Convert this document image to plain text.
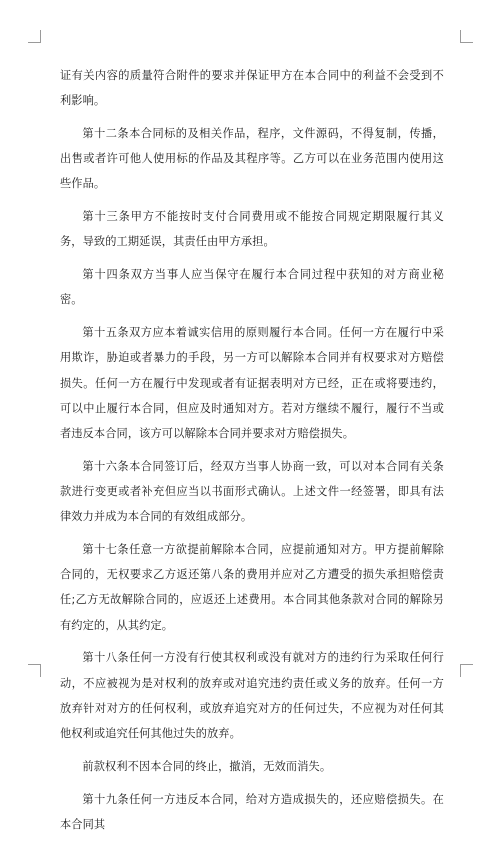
证有关内容的质量符合附件的要求并保证甲方在本合同中的利益不会受到不利影响。

第十二条本合同标的及相关作品，程序，文件源码，不得复制，传播，出售或者许可他人使用标的作品及其程序等。乙方可以在业务范围内使用这些作品。

第十三条甲方不能按时支付合同费用或不能按合同规定期限履行其义务，导致的工期延误，其责任由甲方承担。

第十四条双方当事人应当保守在履行本合同过程中获知的对方商业秘密。

第十五条双方应本着诚实信用的原则履行本合同。任何一方在履行中采用欺诈，胁迫或者暴力的手段，另一方可以解除本合同并有权要求对方赔偿损失。任何一方在履行中发现或者有证据表明对方已经，正在或将要违约，可以中止履行本合同，但应及时通知对方。若对方继续不履行，履行不当或者违反本合同，该方可以解除本合同并要求对方赔偿损失。

第十六条本合同签订后，经双方当事人协商一致，可以对本合同有关条款进行变更或者补充但应当以书面形式确认。上述文件一经签署，即具有法律效力并成为本合同的有效组成部分。

第十七条任意一方欲提前解除本合同，应提前通知对方。甲方提前解除合同的，无权要求乙方返还第八条的费用并应对乙方遭受的损失承担赔偿责任;乙方无故解除合同的，应返还上述费用。本合同其他条款对合同的解除另有约定的，从其约定。

第十八条任何一方没有行使其权利或没有就对方的违约行为采取任何行动，不应被视为是对权利的放弃或对追究违约责任或义务的放弃。任何一方放弃针对对方的任何权利，或放弃追究对方的任何过失，不应视为对任何其他权利或追究任何其他过失的放弃。

前款权利不因本合同的终止，撤消，无效而消失。

第十九条任何一方违反本合同，给对方造成损失的，还应赔偿损失。在本合同其
